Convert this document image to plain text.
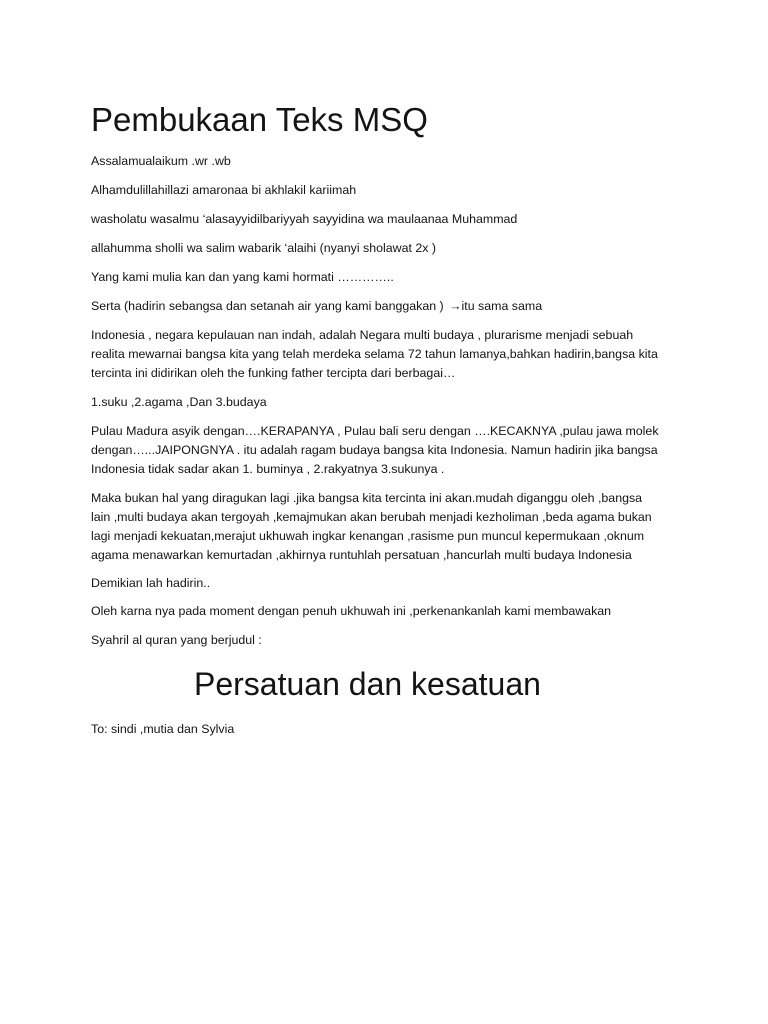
Pembukaan Teks MSQ

Assalamualaikum .wr .wb

Alhamdulillahillazi amaronaa bi akhlakil kariimah

washolatu wasalmu ‘alasayyidilbariyyah sayyidina wa maulaanaa Muhammad

allahumma sholli wa salim wabarik ‘alaihi (nyanyi sholawat 2x )

Yang kami mulia kan dan yang kami hormati …………..

Serta (hadirin sebangsa dan setanah air yang kami banggakan ) →itu sama sama

Indonesia , negara kepulauan nan indah, adalah Negara multi budaya , plurarisme menjadi sebuah
realita mewarnai bangsa kita yang telah merdeka selama 72 tahun lamanya,bahkan hadirin,bangsa kita
tercinta ini didirikan oleh the funking father tercipta dari berbagai…

1.suku ,2.agama ,Dan 3.budaya

Pulau Madura asyik dengan….KERAPANYA , Pulau bali seru dengan ….KECAKNYA ,pulau jawa molek
dengan…...JAIPONGNYA . itu adalah ragam budaya bangsa kita Indonesia. Namun hadirin jika bangsa
Indonesia tidak sadar akan 1. buminya , 2.rakyatnya 3.sukunya .

Maka bukan hal yang diragukan lagi .jika bangsa kita tercinta ini akan.mudah diganggu oleh ,bangsa
lain ,multi budaya akan tergoyah ,kemajmukan akan berubah menjadi kezholiman ,beda agama bukan
lagi menjadi kekuatan,merajut ukhuwah ingkar kenangan ,rasisme pun muncul kepermukaan ,oknum
agama menawarkan kemurtadan ,akhirnya runtuhlah persatuan ,hancurlah multi budaya Indonesia

Demikian lah hadirin..

Oleh karna nya pada moment dengan penuh ukhuwah ini ,perkenankanlah kami membawakan

Syahril al quran yang berjudul :

Persatuan dan kesatuan

To: sindi ,mutia dan Sylvia
